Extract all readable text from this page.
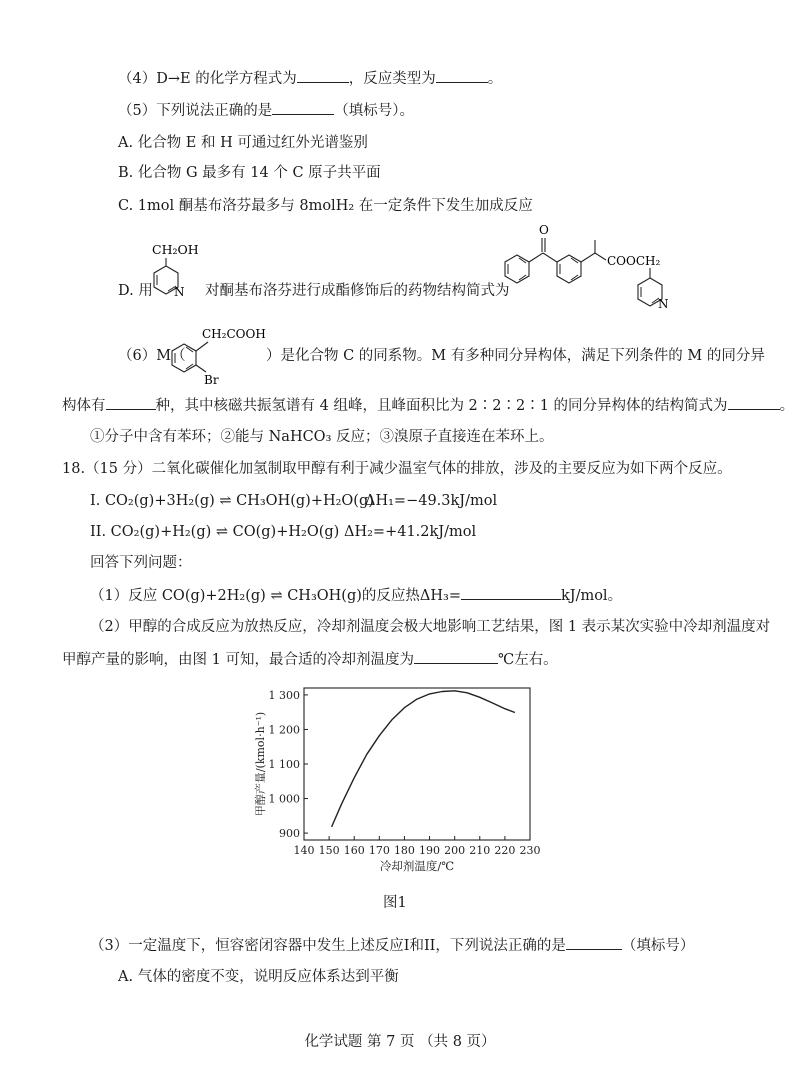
（4）D→E 的化学方程式为	，反应类型为	。
（5）下列说法正确的是	（填标号）。
A. 化合物 E 和 H 可通过红外光谱鉴别
B. 化合物 G 最多有 14 个 C 原子共平面
C. 1mol 酮基布洛芬最多与 8molH₂ 在一定条件下发生加成反应
D. 用	对酮基布洛芬进行成酯修饰后的药物结构简式为
CH₂OH
N
O
COOCH₂
N
（6）M（
CH₂COOH
Br
）是化合物 C 的同系物。M 有多种同分异构体，满足下列条件的 M 的同分异
构体有	种，其中核磁共振氢谱有 4 组峰，且峰面积比为 2∶2∶2∶1 的同分异构体的结构简式为	。
①分子中含有苯环；②能与 NaHCO₃ 反应；③溴原子直接连在苯环上。
18.（15 分）二氧化碳催化加氢制取甲醇有利于减少温室气体的排放，涉及的主要反应为如下两个反应。
I. CO₂(g)+3H₂(g) ⇌ CH₃OH(g)+H₂O(g)
ΔH₁=−49.3kJ/mol
II. CO₂(g)+H₂(g) ⇌ CO(g)+H₂O(g) ΔH₂=+41.2kJ/mol
回答下列问题：
（1）反应 CO(g)+2H₂(g) ⇌ CH₃OH(g)的反应热ΔH₃=	kJ/mol。
（2）甲醇的合成反应为放热反应，冷却剂温度会极大地影响工艺结果，图 1 表示某次实验中冷却剂温度对
甲醇产量的影响，由图 1 可知，最合适的冷却剂温度为	℃左右。
140 150 160 170 180 190 200 210 220 230
900
1 000
1 100
1 200
1 300
冷却剂温度/℃
甲醇产量/(kmol·h⁻¹)
图1
（3）一定温度下，恒容密闭容器中发生上述反应I和II，下列说法正确的是	（填标号）
A. 气体的密度不变，说明反应体系达到平衡
化学试题 第 7 页 （共 8 页）
